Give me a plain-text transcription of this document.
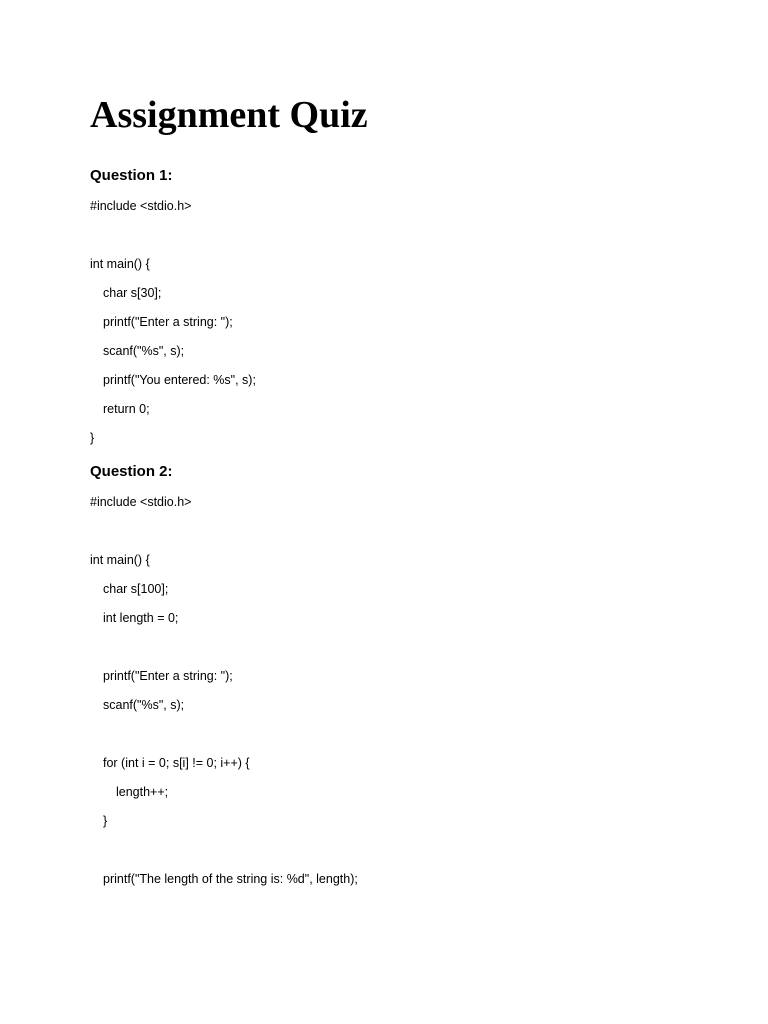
Assignment Quiz
Question 1:
#include <stdio.h>
int main() {
char s[30];
printf("Enter a string: ");
scanf("%s", s);
printf("You entered: %s", s);
return 0;
}
Question 2:
#include <stdio.h>
int main() {
char s[100];
int length = 0;
printf("Enter a string: ");
scanf("%s", s);
for (int i = 0; s[i] != 0; i++) {
length++;
}
printf("The length of the string is: %d", length);
